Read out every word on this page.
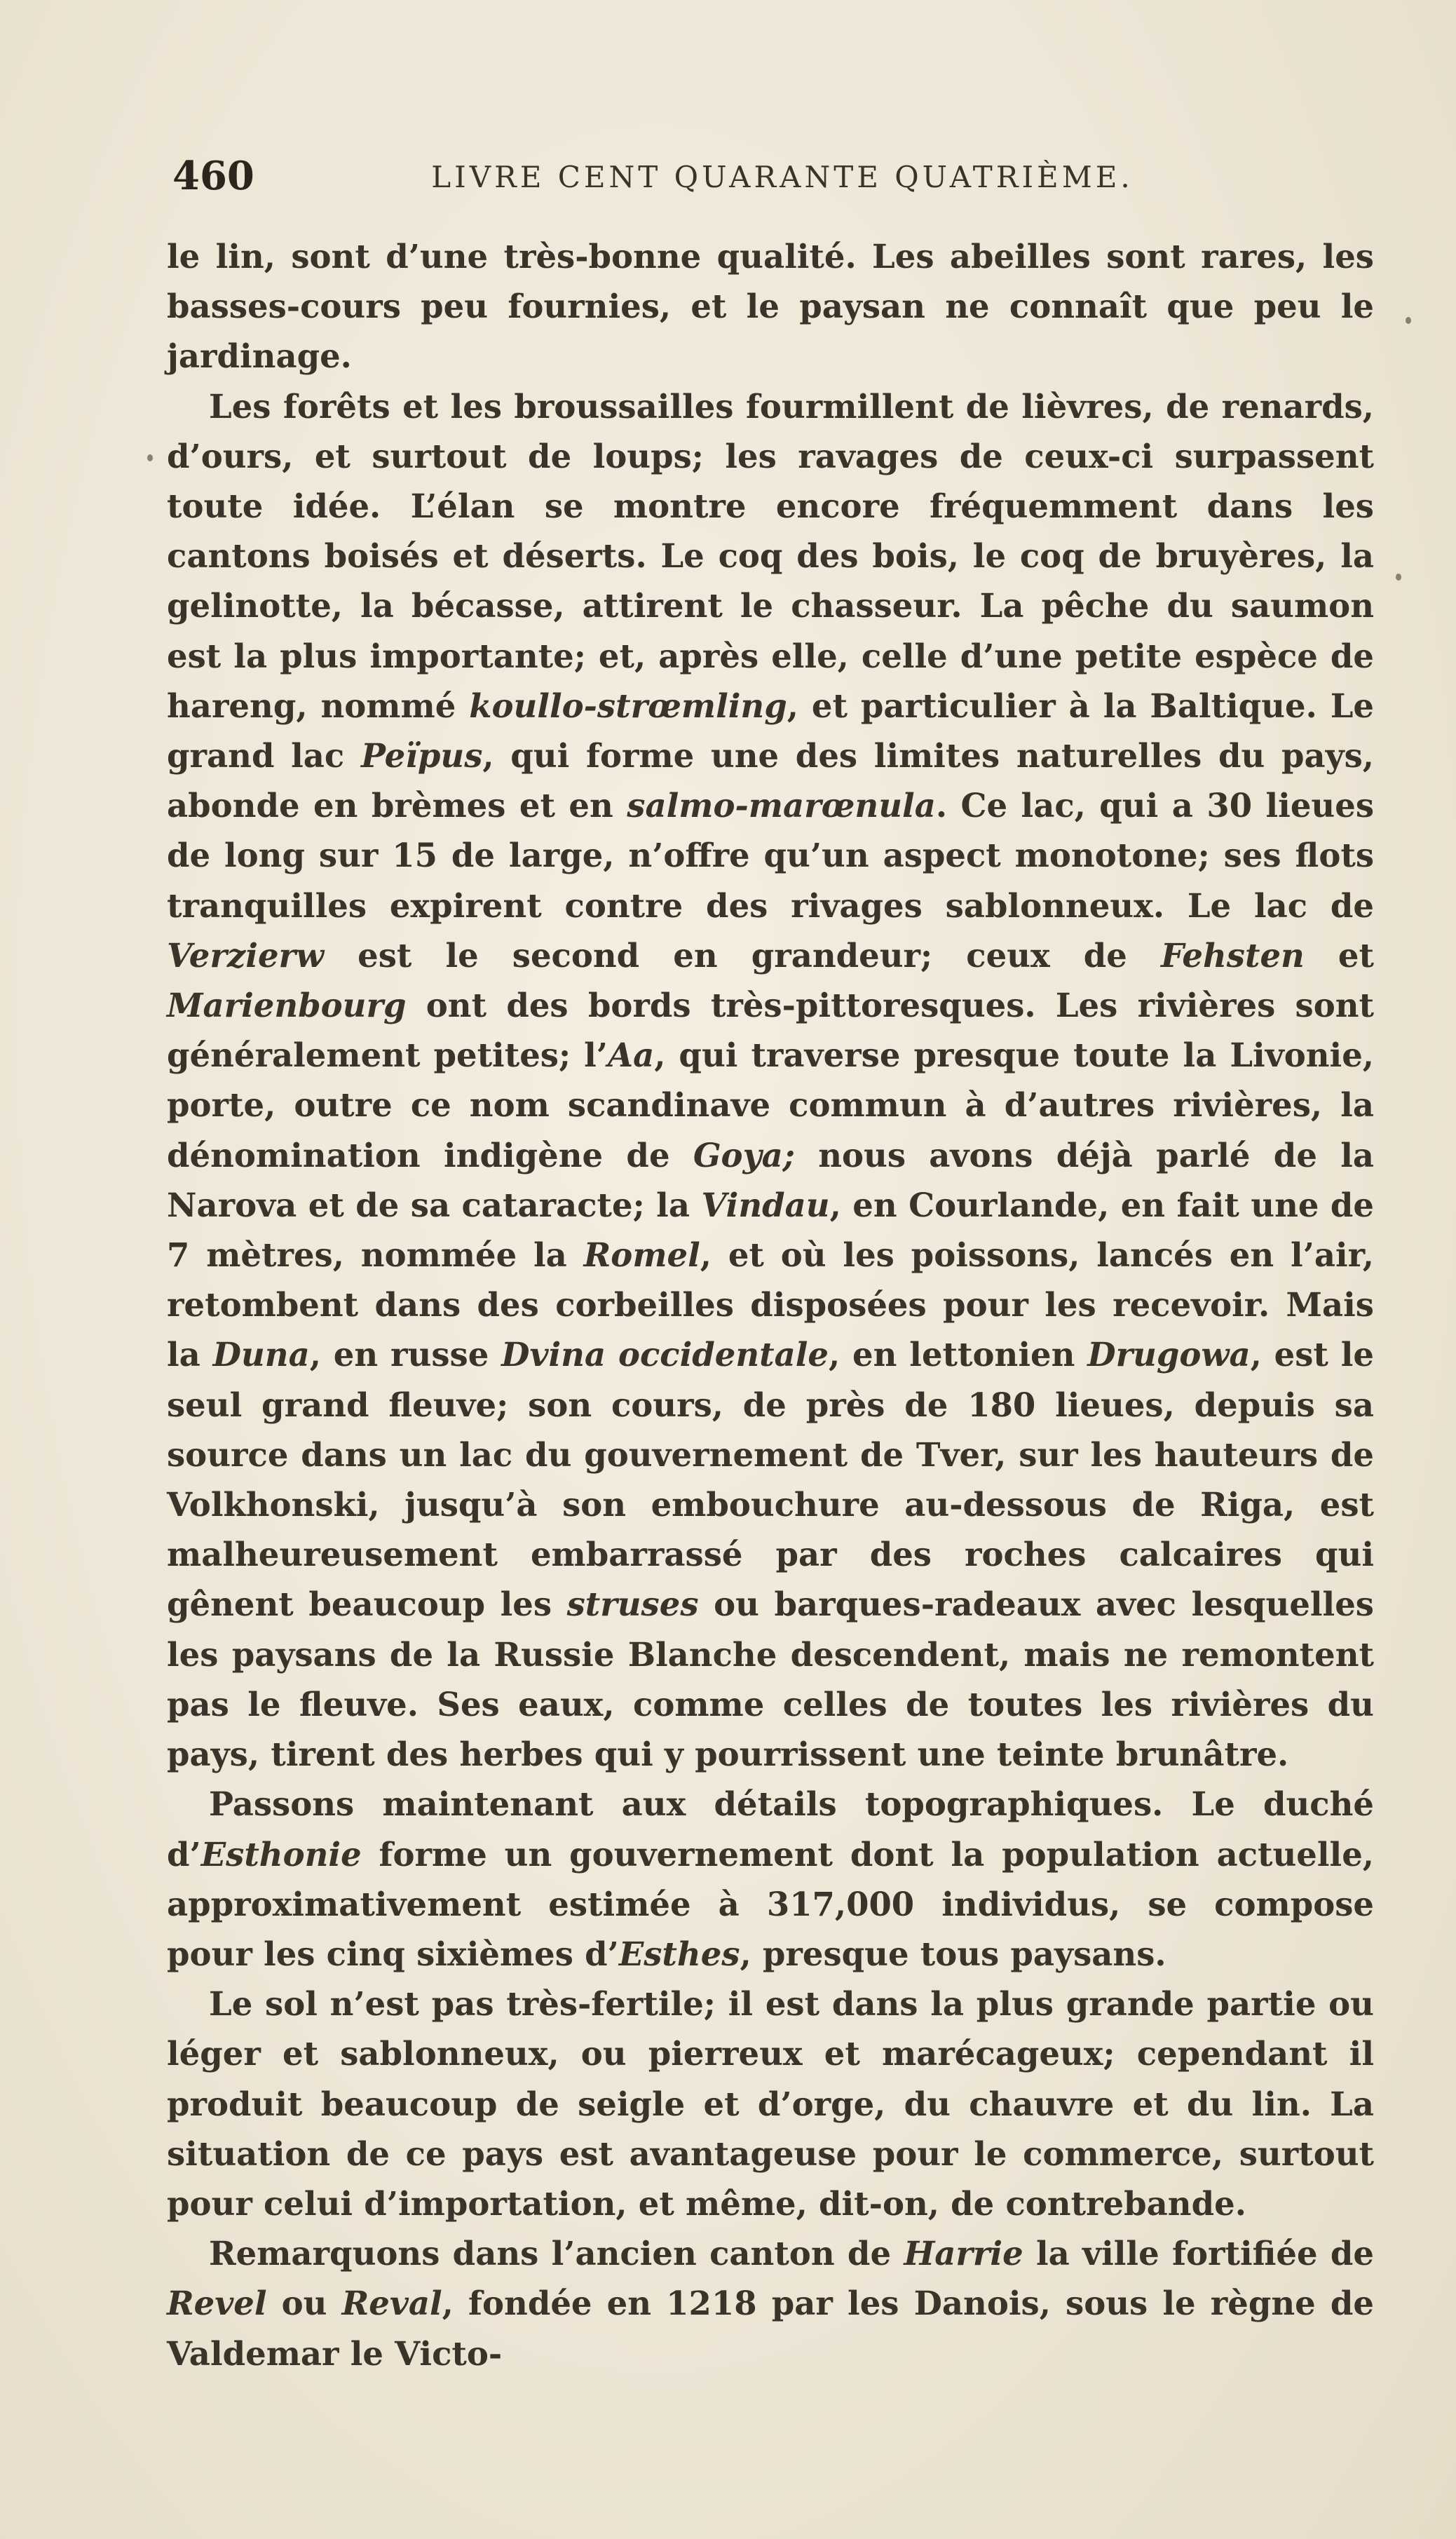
460	LIVRE CENT QUARANTE QUATRIÈME.

le lin, sont d’une très-bonne qualité. Les abeilles sont rares, les basses-cours peu fournies, et le paysan ne connaît que peu le jardinage.

Les forêts et les broussailles fourmillent de lièvres, de renards, d’ours, et surtout de loups; les ravages de ceux-ci surpassent toute idée. L’élan se montre encore fréquemment dans les cantons boisés et déserts. Le coq des bois, le coq de bruyères, la gelinotte, la bécasse, attirent le chasseur. La pêche du saumon est la plus importante; et, après elle, celle d’une petite espèce de hareng, nommé koullo-strœmling, et particulier à la Baltique. Le grand lac Peïpus, qui forme une des limites naturelles du pays, abonde en brèmes et en salmo-marœnula. Ce lac, qui a 30 lieues de long sur 15 de large, n’offre qu’un aspect monotone; ses flots tranquilles expirent contre des rivages sablonneux. Le lac de Verzierw est le second en grandeur; ceux de Fehsten et Marienbourg ont des bords très-pittoresques. Les rivières sont généralement petites; l’Aa, qui traverse presque toute la Livonie, porte, outre ce nom scandinave commun à d’autres rivières, la dénomination indigène de Goya; nous avons déjà parlé de la Narova et de sa cataracte; la Vindau, en Courlande, en fait une de 7 mètres, nommée la Romel, et où les poissons, lancés en l’air, retombent dans des corbeilles disposées pour les recevoir. Mais la Duna, en russe Dvina occidentale, en lettonien Drugowa, est le seul grand fleuve; son cours, de près de 180 lieues, depuis sa source dans un lac du gouvernement de Tver, sur les hauteurs de Volkhonski, jusqu’à son embouchure au-dessous de Riga, est malheureusement embarrassé par des roches calcaires qui gênent beaucoup les struses ou barques-radeaux avec lesquelles les paysans de la Russie Blanche descendent, mais ne remontent pas le fleuve. Ses eaux, comme celles de toutes les rivières du pays, tirent des herbes qui y pourrissent une teinte brunâtre.

Passons maintenant aux détails topographiques. Le duché d’Esthonie forme un gouvernement dont la population actuelle, approximativement estimée à 317,000 individus, se compose pour les cinq sixièmes d’Esthes, presque tous paysans.

Le sol n’est pas très-fertile; il est dans la plus grande partie ou léger et sablonneux, ou pierreux et marécageux; cependant il produit beaucoup de seigle et d’orge, du chauvre et du lin. La situation de ce pays est avantageuse pour le commerce, surtout pour celui d’importation, et même, dit-on, de contrebande.

Remarquons dans l’ancien canton de Harrie la ville fortifiée de Revel ou Reval, fondée en 1218 par les Danois, sous le règne de Valdemar le Victo-
